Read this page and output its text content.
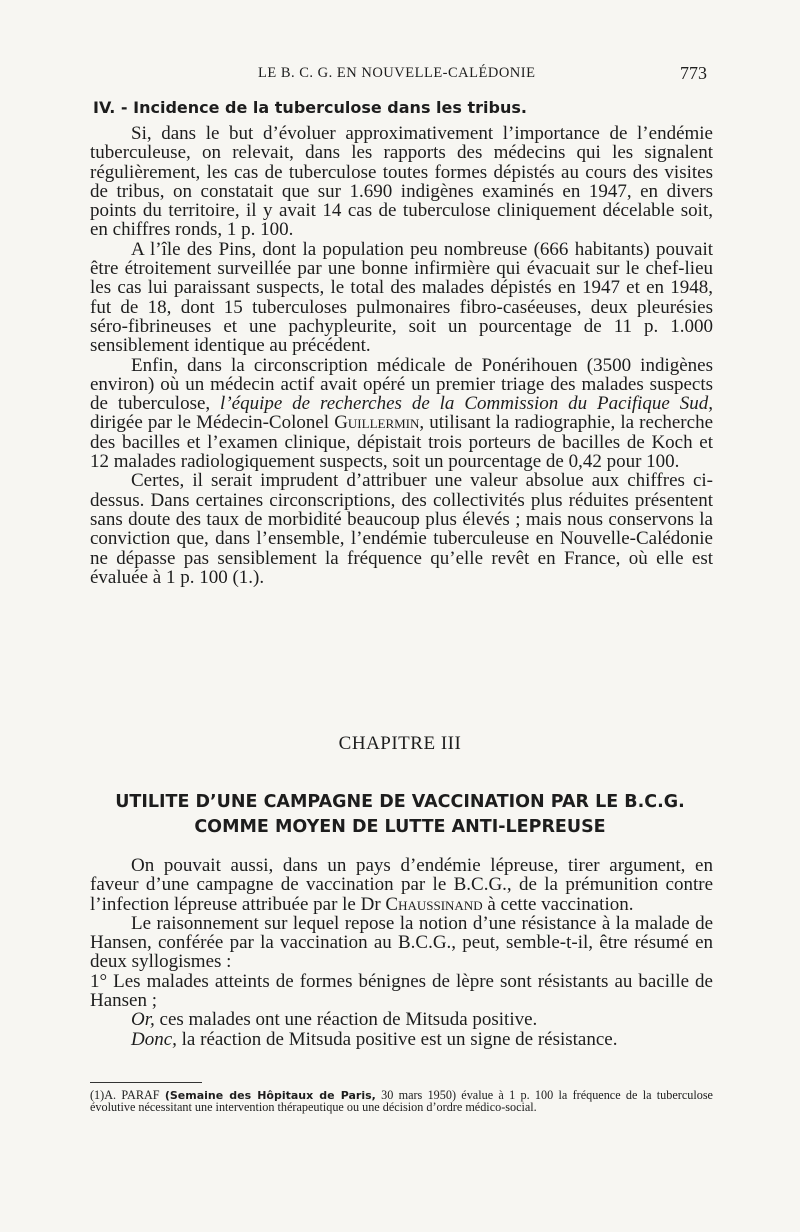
LE B. C. G. EN NOUVELLE-CALÉDONIE	773
IV. - Incidence de la tuberculose dans les tribus.

Si, dans le but d’évoluer approximativement l’importance de l’endémie tuberculeuse, on relevait, dans les rapports des médecins qui les signalent régulièrement, les cas de tuberculose toutes formes dépistés au cours des visites de tribus, on constatait que sur 1.690 indigènes examinés en 1947, en divers points du territoire, il y avait 14 cas de tuberculose cliniquement décelable soit, en chiffres ronds, 1 p. 100.

A l’île des Pins, dont la population peu nombreuse (666 habitants) pouvait être étroitement surveillée par une bonne infirmière qui évacuait sur le chef-lieu les cas lui paraissant suspects, le total des malades dépistés en 1947 et en 1948, fut de 18, dont 15 tuberculoses pulmonaires fibro-caséeuses, deux pleurésies séro-fibrineuses et une pachypleurite, soit un pourcentage de 11 p. 1.000 sensiblement identique au précédent.

Enfin, dans la circonscription médicale de Ponérihouen (3500 indigènes environ) où un médecin actif avait opéré un premier triage des malades suspects de tuberculose, l’équipe de recherches de la Commission du Pacifique Sud, dirigée par le Médecin-Colonel Guillermin, utilisant la radiographie, la recherche des bacilles et l’examen clinique, dépistait trois porteurs de bacilles de Koch et 12 malades radiologiquement suspects, soit un pourcentage de 0,42 pour 100.

Certes, il serait imprudent d’attribuer une valeur absolue aux chiffres ci-dessus. Dans certaines circonscriptions, des collectivités plus réduites présentent sans doute des taux de morbidité beaucoup plus élevés ; mais nous conservons la conviction que, dans l’ensemble, l’endémie tuberculeuse en Nouvelle-Calédonie ne dépasse pas sensiblement la fréquence qu’elle revêt en France, où elle est évaluée à 1 p. 100 (1.).

CHAPITRE III
UTILITE D’UNE CAMPAGNE DE VACCINATION PAR LE B.C.G.
COMME MOYEN DE LUTTE ANTI-LEPREUSE

On pouvait aussi, dans un pays d’endémie lépreuse, tirer argument, en faveur d’une campagne de vaccination par le B.C.G., de la prémunition contre l’infection lépreuse attribuée par le Dr Chaussinand à cette vaccination.

Le raisonnement sur lequel repose la notion d’une résistance à la malade de Hansen, conférée par la vaccination au B.C.G., peut, semble-t-il, être résumé en deux syllogismes :

1° Les malades atteints de formes bénignes de lèpre sont résistants au bacille de Hansen ;

Or, ces malades ont une réaction de Mitsuda positive.

Donc, la réaction de Mitsuda positive est un signe de résistance.

(1)A. PARAF (Semaine des Hôpitaux de Paris, 30 mars 1950) évalue à 1 p. 100 la fréquence de la tuberculose évolutive nécessitant une intervention thérapeutique ou une décision d’ordre médico-social.
